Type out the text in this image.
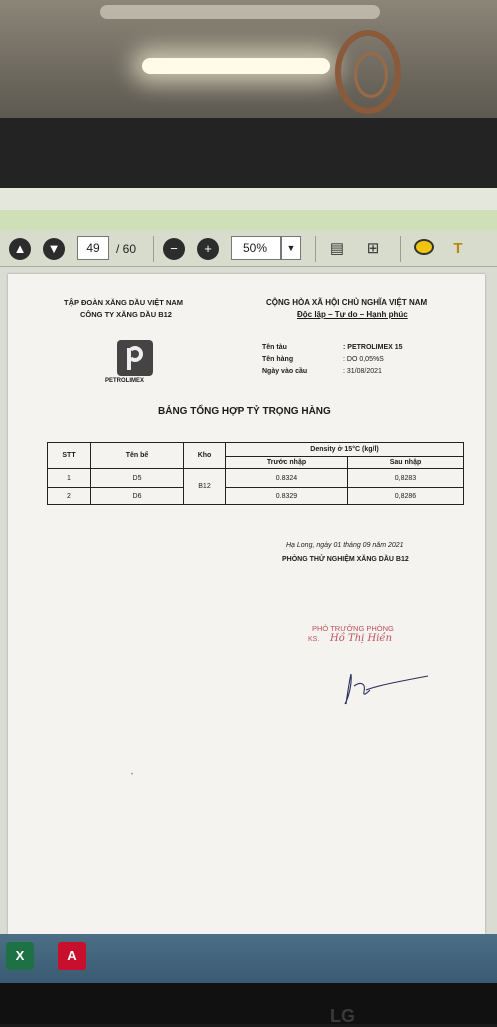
▲	▼	49	/ 60	−	+	50%	▼	▤	⊞	T
TẬP ĐOÀN XĂNG DẦU VIỆT NAM
CÔNG TY XĂNG DẦU B12
CỘNG HÒA XÃ HỘI CHỦ NGHĨA VIỆT NAM
Độc lập – Tự do – Hạnh phúc
PETROLIMEX
Tên tàu	: PETROLIMEX 15
Tên hàng	: DO 0,05%S
Ngày vào cầu	: 31/08/2021
BẢNG TỔNG HỢP TỶ TRỌNG HÀNG
STT	Tên bể	Kho	Density ở 15°C (kg/l)	
			Trước nhập	Sau nhập
1	D5	B12	0.8324	0,8283
2	D6		0.8329	0,8286
Hạ Long, ngày 01 tháng 09 năm 2021
PHÒNG THỬ NGHIỆM XĂNG DẦU B12
PHÓ TRƯỞNG PHÒNG
KS. Hồ Thị Hiền
•
X	A
LG
